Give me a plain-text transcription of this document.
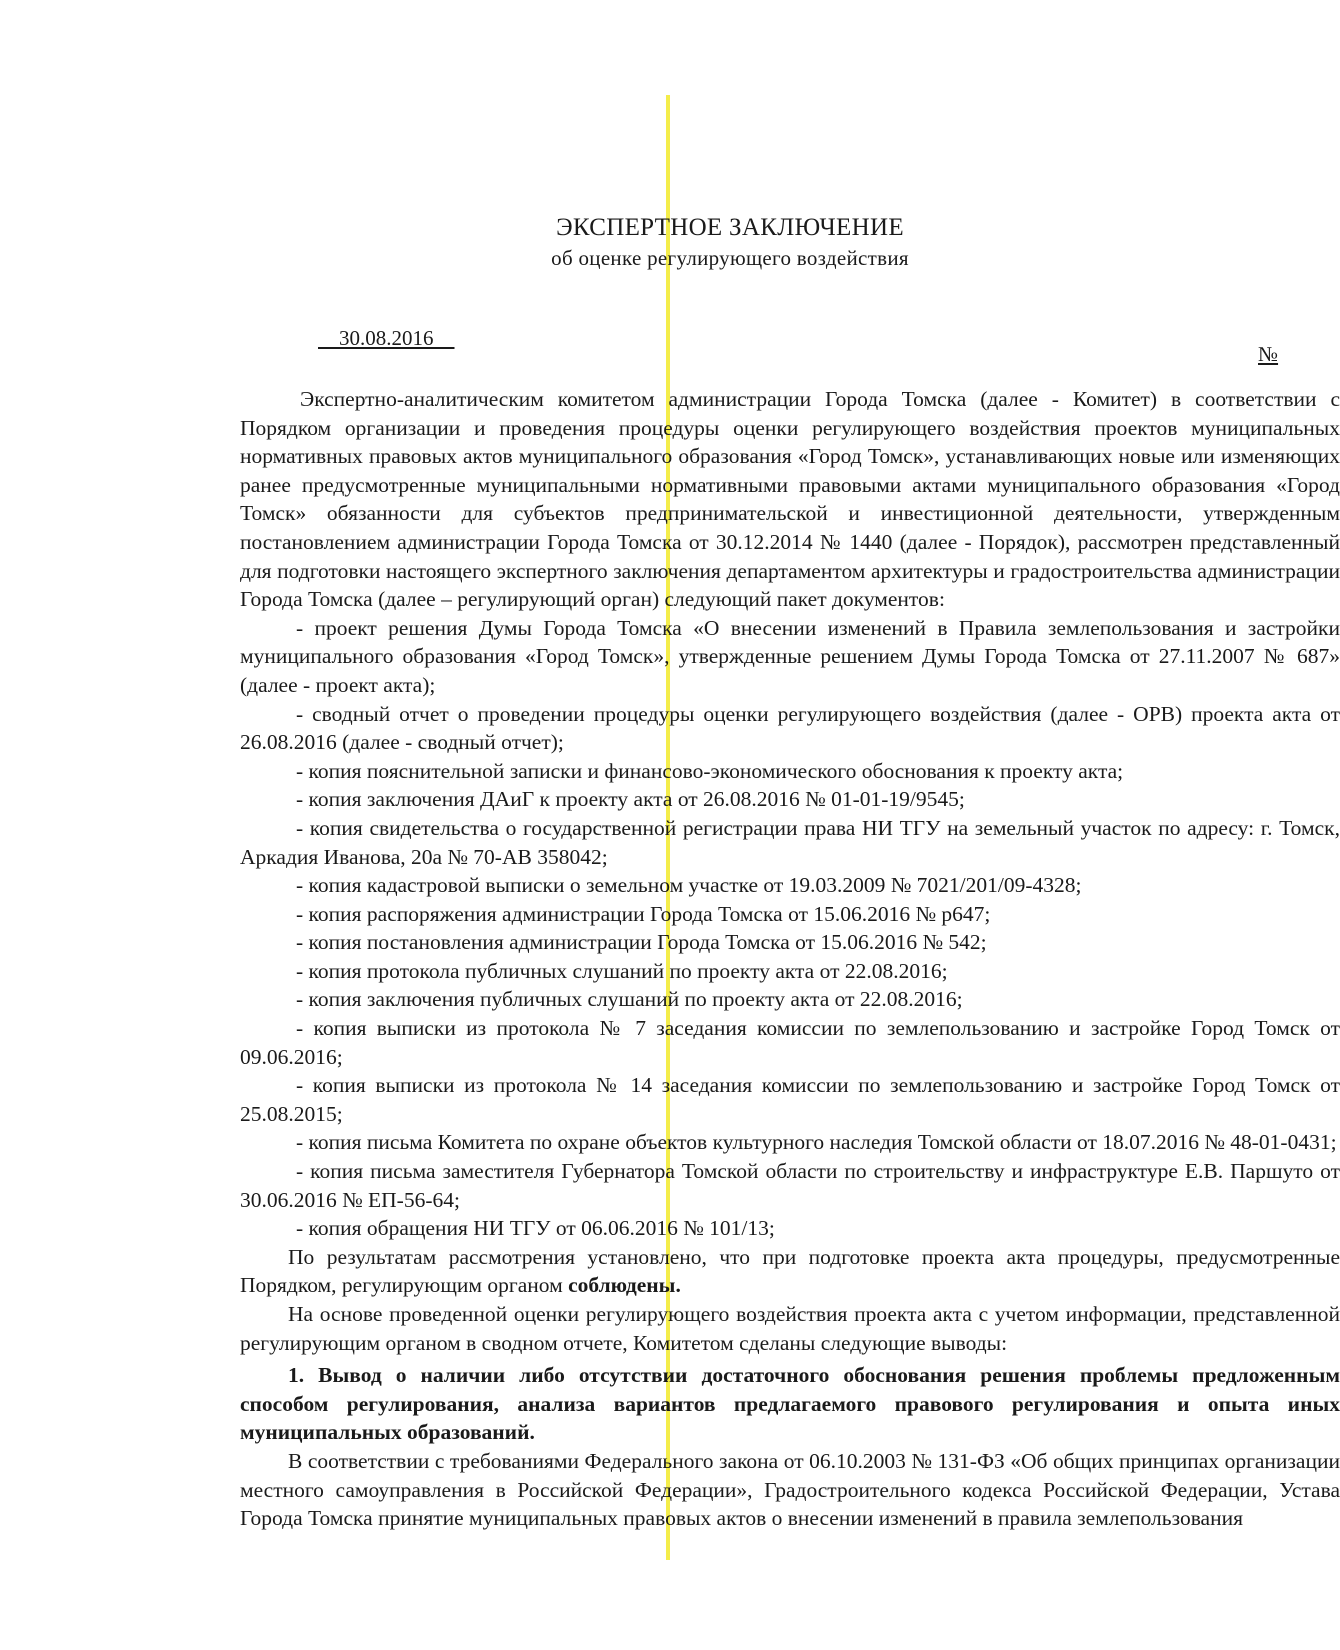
ЭКСПЕРТНОЕ ЗАКЛЮЧЕНИЕ
об оценке регулирующего воздействия
30.08.2016
№

Экспертно-аналитическим комитетом администрации Города Томска (далее - Комитет) в соответствии с Порядком организации и проведения процедуры оценки регулирующего воздействия проектов муниципальных нормативных правовых актов муниципального образования «Город Томск», устанавливающих новые или изменяющих ранее предусмотренные муниципальными нормативными правовыми актами муниципального образования «Город Томск» обязанности для субъектов предпринимательской и инвестиционной деятельности, утвержденным постановлением администрации Города Томска от 30.12.2014 № 1440 (далее - Порядок), рассмотрен представленный для подготовки настоящего экспертного заключения департаментом архитектуры и градостроительства администрации Города Томска (далее – регулирующий орган) следующий пакет документов:

- проект решения Думы Города Томска «О внесении изменений в Правила землепользования и застройки муниципального образования «Город Томск», утвержденные решением Думы Города Томска от 27.11.2007 № 687» (далее - проект акта);

- сводный отчет о проведении процедуры оценки регулирующего воздействия (далее - ОРВ) проекта акта от 26.08.2016 (далее - сводный отчет);

- копия пояснительной записки и финансово-экономического обоснования к проекту акта;

- копия заключения ДАиГ к проекту акта от 26.08.2016 № 01-01-19/9545;

- копия свидетельства о государственной регистрации права НИ ТГУ на земельный участок по адресу: г. Томск, Аркадия Иванова, 20а № 70-АВ 358042;

- копия кадастровой выписки о земельном участке от 19.03.2009 № 7021/201/09-4328;

- копия распоряжения администрации Города Томска от 15.06.2016 № р647;

- копия постановления администрации Города Томска от 15.06.2016 № 542;

- копия протокола публичных слушаний по проекту акта от 22.08.2016;

- копия заключения публичных слушаний по проекту акта от 22.08.2016;

- копия выписки из протокола № 7 заседания комиссии по землепользованию и застройке Город Томск от 09.06.2016;

- копия выписки из протокола № 14 заседания комиссии по землепользованию и застройке Город Томск от 25.08.2015;

- копия письма Комитета по охране объектов культурного наследия Томской области от 18.07.2016 № 48-01-0431;

- копия письма заместителя Губернатора Томской области по строительству и инфраструктуре Е.В. Паршуто от 30.06.2016 № ЕП-56-64;

- копия обращения НИ ТГУ от 06.06.2016 № 101/13;

По результатам рассмотрения установлено, что при подготовке проекта акта процедуры, предусмотренные Порядком, регулирующим органом соблюдены.

На основе проведенной оценки регулирующего воздействия проекта акта с учетом информации, представленной регулирующим органом в сводном отчете, Комитетом сделаны следующие выводы:

1. Вывод о наличии либо отсутствии достаточного обоснования решения проблемы предложенным способом регулирования, анализа вариантов предлагаемого правового регулирования и опыта иных муниципальных образований.

В соответствии с требованиями Федерального закона от 06.10.2003 № 131-ФЗ «Об общих принципах организации местного самоуправления в Российской Федерации», Градостроительного кодекса Российской Федерации, Устава Города Томска принятие муниципальных правовых актов о внесении изменений в правила землепользования
